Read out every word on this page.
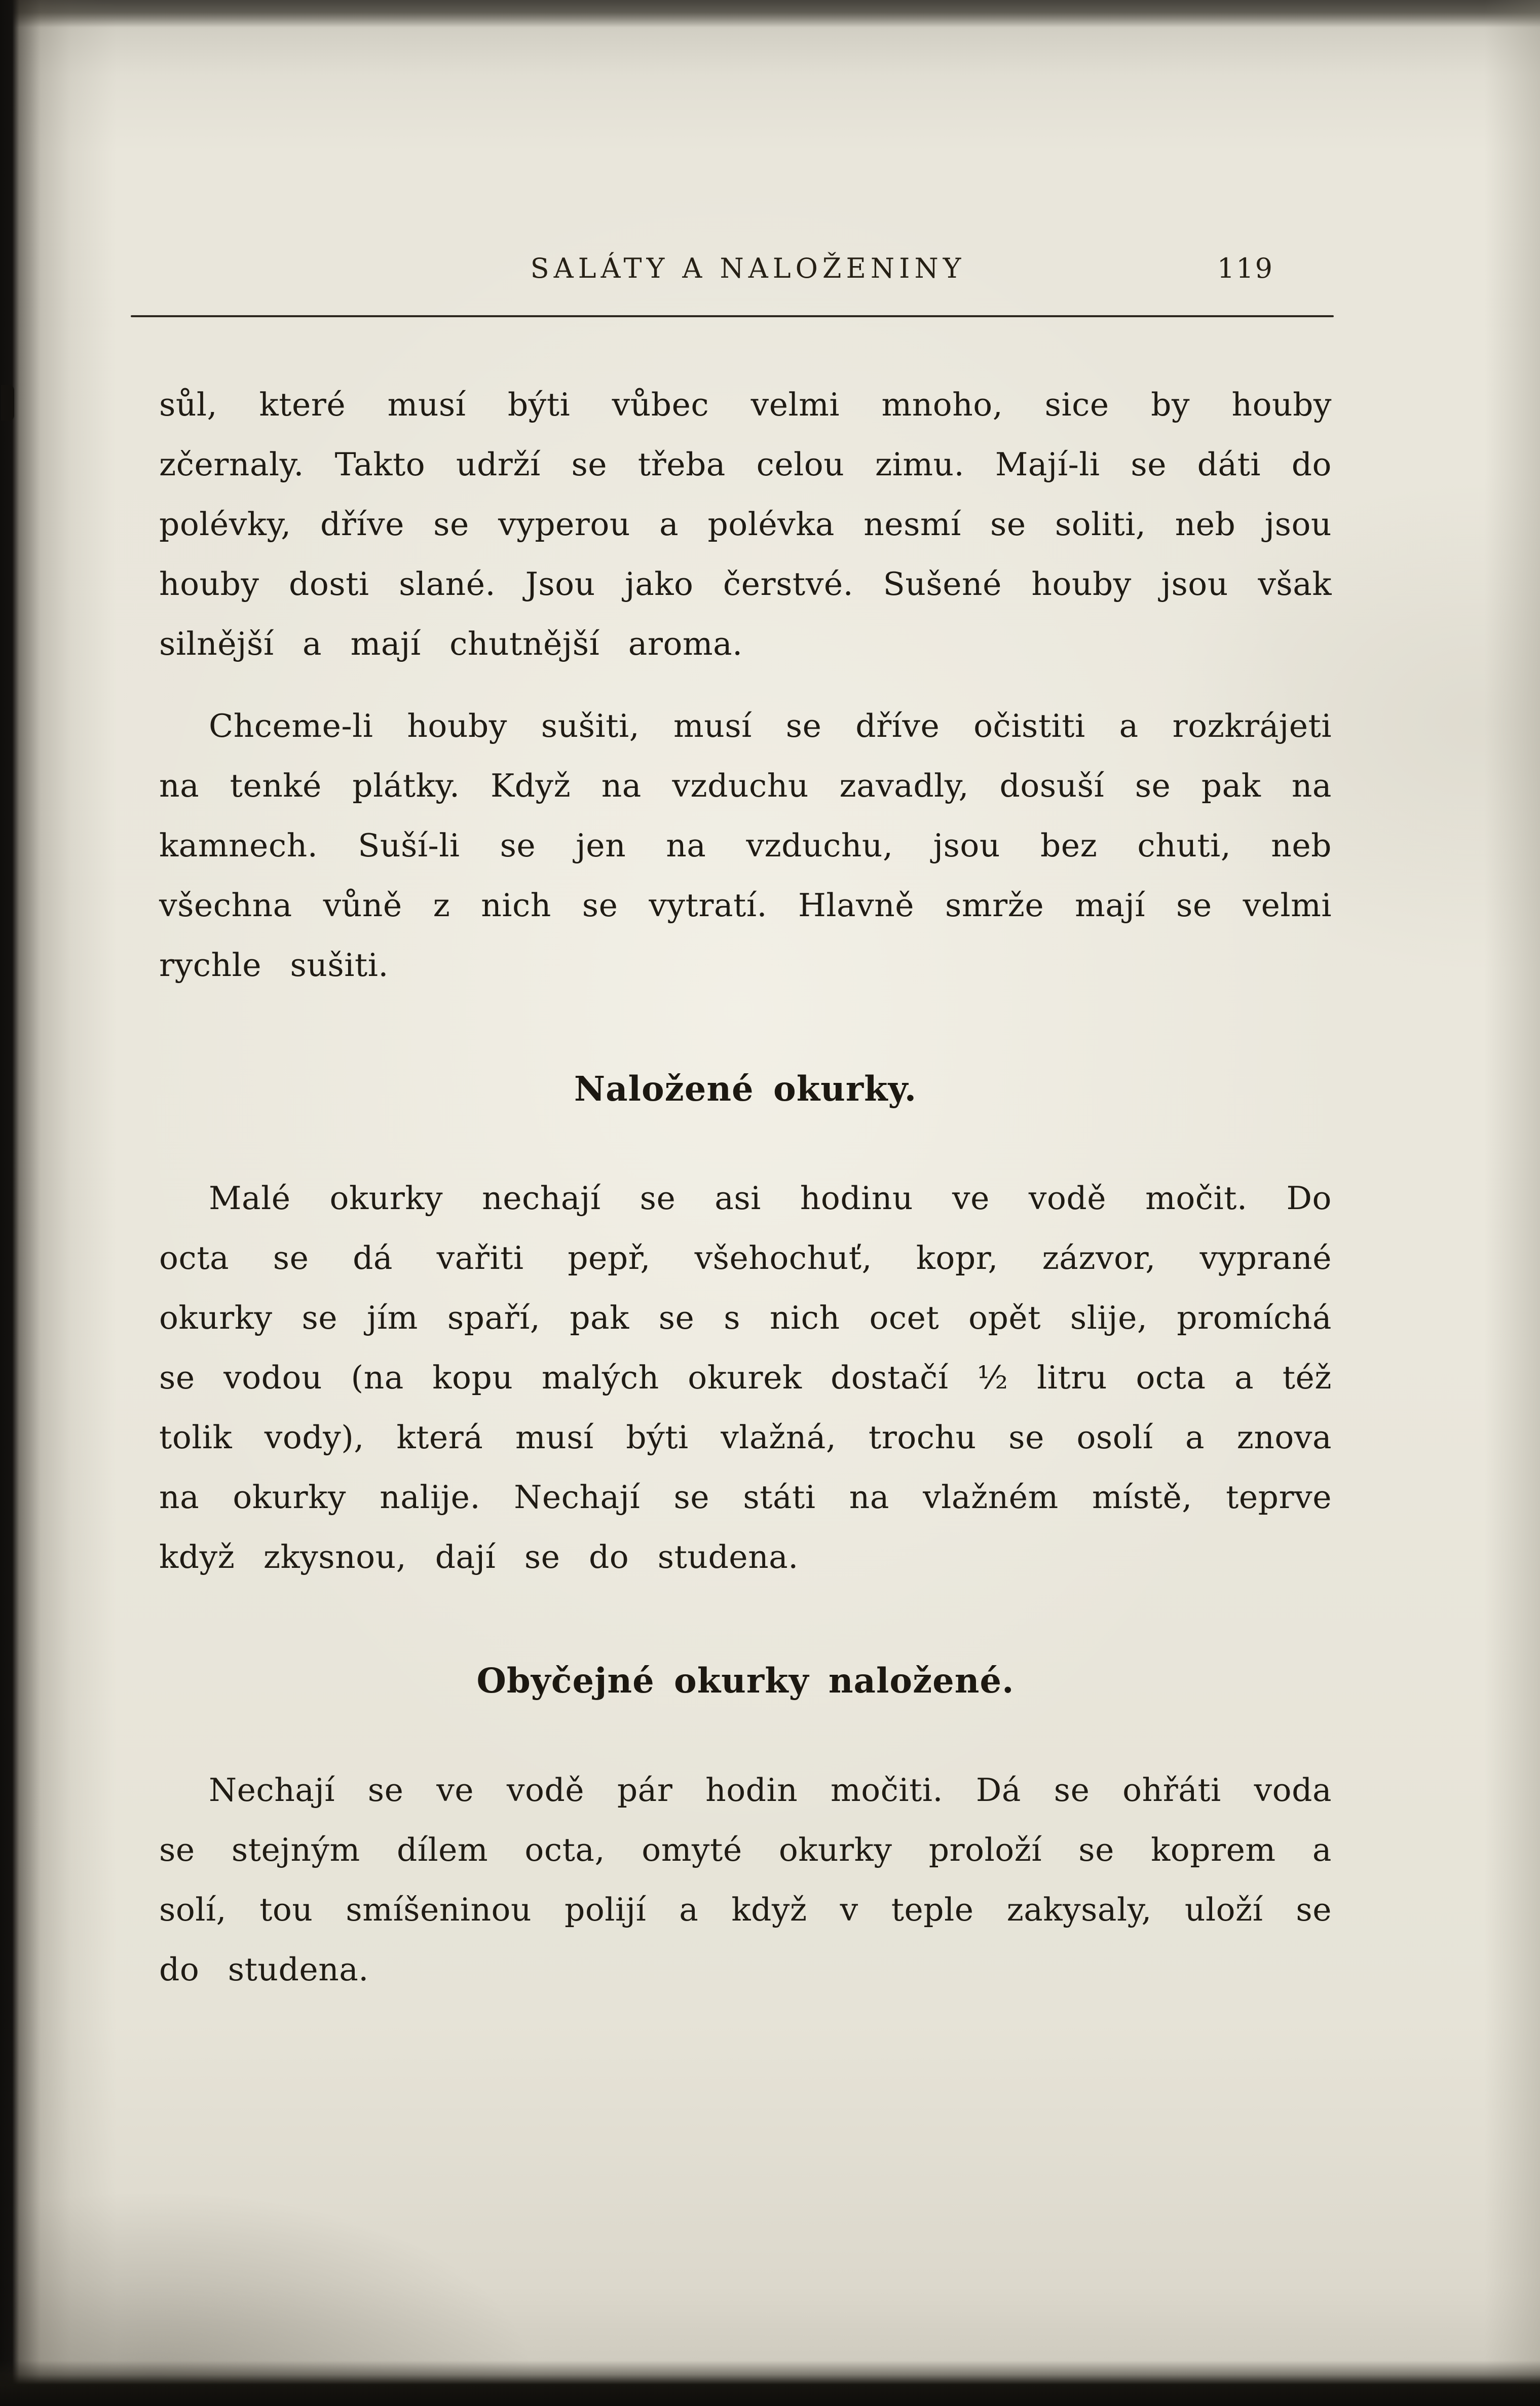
SALÁTY A NALOŽENINY	119

sůl, které musí býti vůbec velmi mnoho, sice by houby zčernaly. Takto udrží se třeba celou zimu. Mají-li se dáti do polévky, dříve se vyperou a polévka nesmí se soliti, neb jsou houby dosti slané. Jsou jako čerstvé. Sušené houby jsou však silnější a mají chutnější aroma.

Chceme-li houby sušiti, musí se dříve očistiti a rozkrájeti na tenké plátky. Když na vzduchu zavadly, dosuší se pak na kamnech. Suší-li se jen na vzduchu, jsou bez chuti, neb všechna vůně z nich se vytratí. Hlavně smrže mají se velmi rychle sušiti.

Naložené okurky.

Malé okurky nechají se asi hodinu ve vodě močit. Do octa se dá vařiti pepř, všehochuť, kopr, zázvor, vyprané okurky se jím spaří, pak se s nich ocet opět slije, promíchá se vodou (na kopu malých okurek dostačí ½ litru octa a též tolik vody), která musí býti vlažná, trochu se osolí a znova na okurky nalije. Nechají se státi na vlažném místě, teprve když zkysnou, dají se do studena.

Obyčejné okurky naložené.

Nechají se ve vodě pár hodin močiti. Dá se ohřáti voda se stejným dílem octa, omyté okurky proloží se koprem a solí, tou smíšeninou polijí a když v teple zakysaly, uloží se do studena.
